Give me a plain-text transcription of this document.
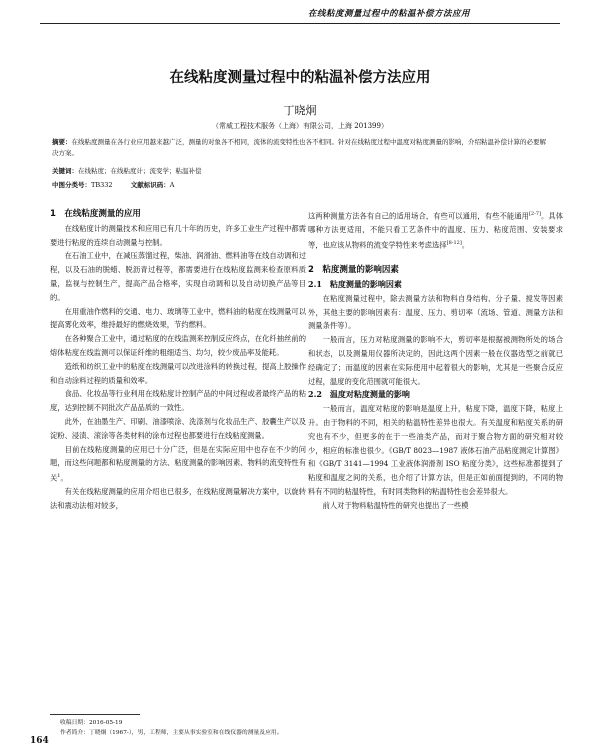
在线粘度测量过程中的粘温补偿方法应用
在线粘度测量过程中的粘温补偿方法应用
丁晓炯
（常威工程技术服务（上海）有限公司，上海 201399）
摘要：在线粘度测量在各行业应用越来越广泛，测量的对象各不相同，流体的流变特性也各不相同。针对在线粘度过程中温度对粘度测量的影响，介绍粘温补偿计算的必要解决方案。
关键词：在线粘度；在线粘度计；流变学；粘温补偿
中图分类号：TB332	文献标识码：A

1　在线粘度测量的应用

在线粘度计的测量技术和应用已有几十年的历史，许多工业生产过程中都需要进行粘度的连续自动测量与控制。

在石油工业中，在减压蒸馏过程，柴油、润滑油、燃料油等在线自动调和过程，以及石油的脱蜡、脱沥青过程等，都需要进行在线粘度监测来检查原料质量，监视与控制生产，提高产品合格率，实现自动调和以及自动切换产品等目的。

在用重油作燃料的交通、电力、玻璃等工业中，燃料油的粘度在线测量可以提高雾化效率，维持最好的燃烧效果，节约燃料。

在各种聚合工业中，通过粘度的在线监测来控制反应终点，在化纤抽丝前的熔体粘度在线监测可以保证纤维的粗细适当、均匀，较少废品率及能耗。

造纸和纺织工业中的粘度在线测量可以改进涂料的转换过程，提高上胶操作和自动涂料过程的质量和效率。

食品、化妆品等行业利用在线粘度计控制产品的中间过程或者最终产品的粘度，达到控制不同批次产品品质的一致性。

此外，在油墨生产、印刷、油漆喷涂、洗涤剂与化妆品生产、胶囊生产以及淀粉、浸渍、滚涂等各类材料的涂布过程也都要进行在线粘度测量。

目前在线粘度测量的应用已十分广泛，但是在实际应用中也存在不少的问题，而这些问题都和粘度测量的方法、粘度测量的影响因素、物料的流变特性有关$^1$。

有关在线粘度测量的应用介绍也已很多，在线粘度测量解决方案中，以旋转法和震动法相对较多，

这两种测量方法各有自己的适用场合，有些可以通用，有些不能通用[2-7]。具体哪种方法更适用，不能只看工艺条件中的温度、压力、粘度范围、安装要求等，也应该从物料的流变学特性来考虑选择[8-12]。

2　粘度测量的影响因素

2.1　粘度测量的影响因素

在粘度测量过程中，除去测量方法和物料自身结构、分子量、搅发等因素外，其他主要的影响因素有：温度、压力、剪切率（流场、管道、测量方法和测量条件等）。

一般而言，压力对粘度测量的影响不大，剪切率是根据被测物所处的场合和状态，以及测量用仪器所决定的，因此这两个因素一般在仪器选型之前就已经确定了；而温度的因素在实际使用中起着很大的影响，尤其是一些聚合反应过程，温度的变化范围就可能很大。

2.2　温度对粘度测量的影响

一般而言，温度对粘度的影响是温度上升，粘度下降，温度下降，粘度上升。由于物料的不同，相关的粘温特性差异也很大。有关温度和粘度关系的研究也有不少，但更多的在于一些油类产品，而对于聚合物方面的研究相对较少，相应的标准也很少。《GB/T 8023—1987 液体石油产品粘度测定计算图》和《GB/T 3141—1994 工业液体润滑剂 ISO 粘度分类》，这些标准都提到了粘度和温度之间的关系，也介绍了计算方法，但是正如前面提到的，不同的物料有不同的粘温特性，有时同类物料的粘温特性也会差异很大。

前人对于物料粘温特性的研究也提出了一些模

收稿日期：2016-05-19
作者简介：丁晓炯（1967-），男，工程师，主要从事实验室和在线仪器的测量及应用。
164
